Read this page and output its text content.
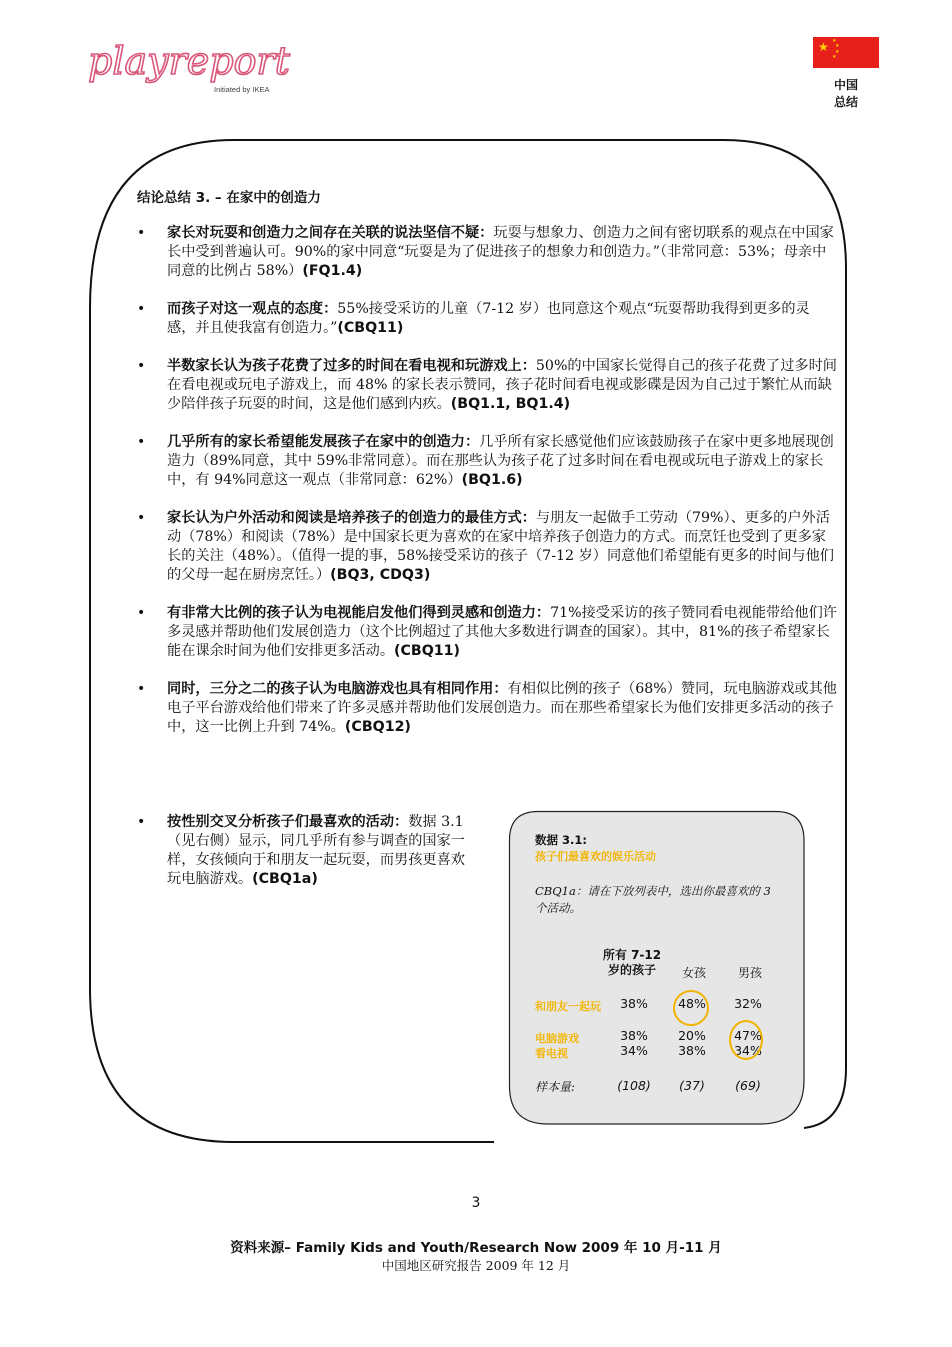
playreport
Initiated by IKEA
★ ★
★
★
★
中国
总结
结论总结 3. – 在家中的创造力
• 家长对玩耍和创造力之间存在关联的说法坚信不疑：玩耍与想象力、创造力之间有密切联系的观点在中国家长中受到普遍认可。90%的家中同意“玩耍是为了促进孩子的想象力和创造力。”（非常同意：53%；母亲中同意的比例占 58%）(FQ1.4)
• 而孩子对这一观点的态度：55%接受采访的儿童（7-12 岁）也同意这个观点“玩耍帮助我得到更多的灵感，并且使我富有创造力。”(CBQ11)
• 半数家长认为孩子花费了过多的时间在看电视和玩游戏上：50%的中国家长觉得自己的孩子花费了过多时间在看电视或玩电子游戏上，而 48% 的家长表示赞同，孩子花时间看电视或影碟是因为自己过于繁忙从而缺少陪伴孩子玩耍的时间，这是他们感到内疚。(BQ1.1, BQ1.4)
• 几乎所有的家长希望能发展孩子在家中的创造力：几乎所有家长感觉他们应该鼓励孩子在家中更多地展现创造力（89%同意，其中 59%非常同意）。而在那些认为孩子花了过多时间在看电视或玩电子游戏上的家长中，有 94%同意这一观点（非常同意：62%）(BQ1.6)
• 家长认为户外活动和阅读是培养孩子的创造力的最佳方式：与朋友一起做手工劳动（79%）、更多的户外活动（78%）和阅读（78%）是中国家长更为喜欢的在家中培养孩子创造力的方式。而烹饪也受到了更多家长的关注（48%）。（值得一提的事，58%接受采访的孩子（7-12 岁）同意他们希望能有更多的时间与他们的父母一起在厨房烹饪。）(BQ3, CDQ3)
• 有非常大比例的孩子认为电视能启发他们得到灵感和创造力：71%接受采访的孩子赞同看电视能带给他们许多灵感并帮助他们发展创造力（这个比例超过了其他大多数进行调查的国家）。其中，81%的孩子希望家长能在课余时间为他们安排更多活动。(CBQ11)
• 同时，三分之二的孩子认为电脑游戏也具有相同作用：有相似比例的孩子（68%）赞同，玩电脑游戏或其他电子平台游戏给他们带来了许多灵感并帮助他们发展创造力。而在那些希望家长为他们安排更多活动的孩子中，这一比例上升到 74%。(CBQ12)
• 按性别交叉分析孩子们最喜欢的活动：数据 3.1（见右侧）显示，同几乎所有参与调查的国家一样，女孩倾向于和朋友一起玩耍，而男孩更喜欢玩电脑游戏。(CBQ1a)
数据 3.1:
孩子们最喜欢的娱乐活动
CBQ1a：请在下放列表中，选出你最喜欢的 3 个活动。
所有 7-12
岁的孩子	女孩	男孩
和朋友一起玩	38%	48%	32%
电脑游戏	38%	20%	47%
看电视	34%	38%	34%
样本量:	(108)	(37)	(69)
3
资料来源– Family Kids and Youth/Research Now 2009 年 10 月-11 月
中国地区研究报告 2009 年 12 月
